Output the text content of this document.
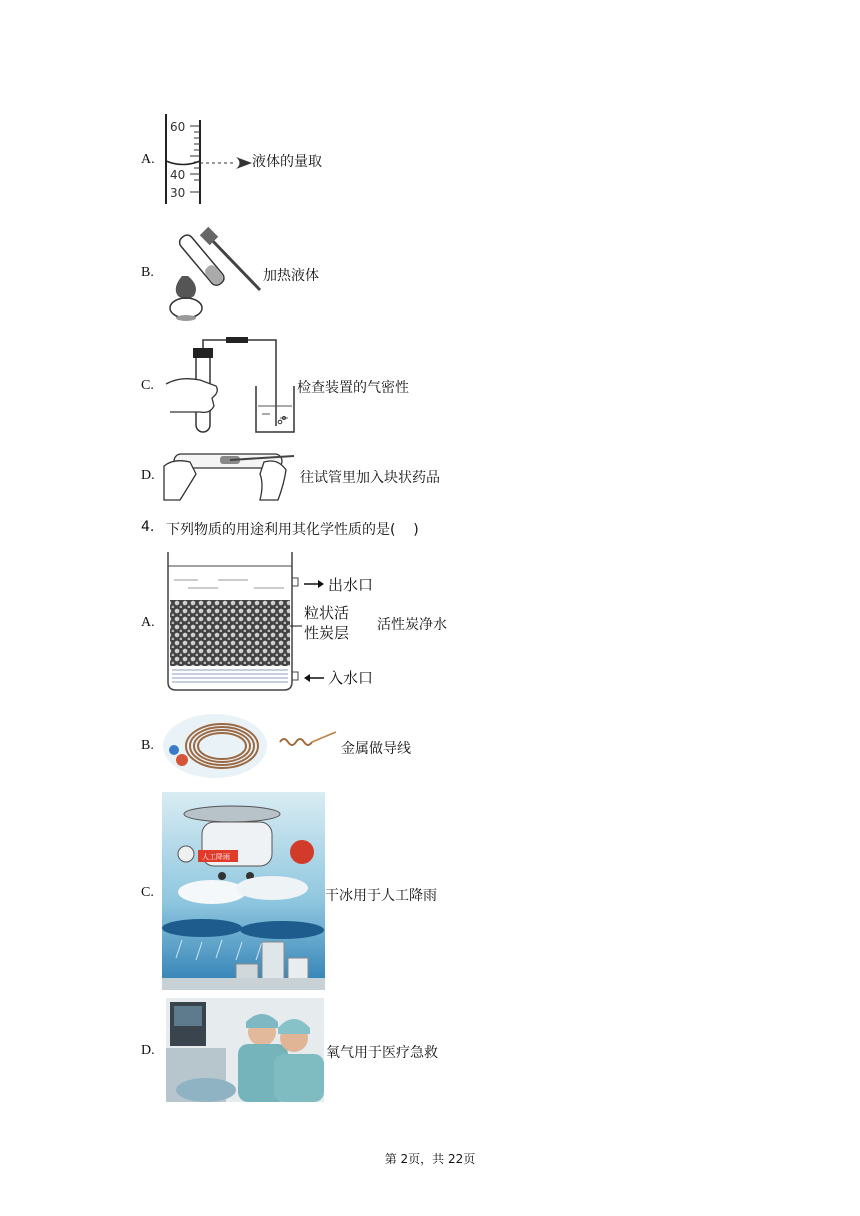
A.
60
40
30
液体的量取
B.	加热液体
C.	检查装置的气密性
D.	往试管里加入块状药品
4. 下列物质的用途利用其化学性质的是(    )
A.
出水口
粒状活
性炭层
入水口
活性炭净水
B.	金属做导线
C.
人工降雨
干冰用于人工降雨
D.	氧气用于医疗急救
第 2页，共 22页
